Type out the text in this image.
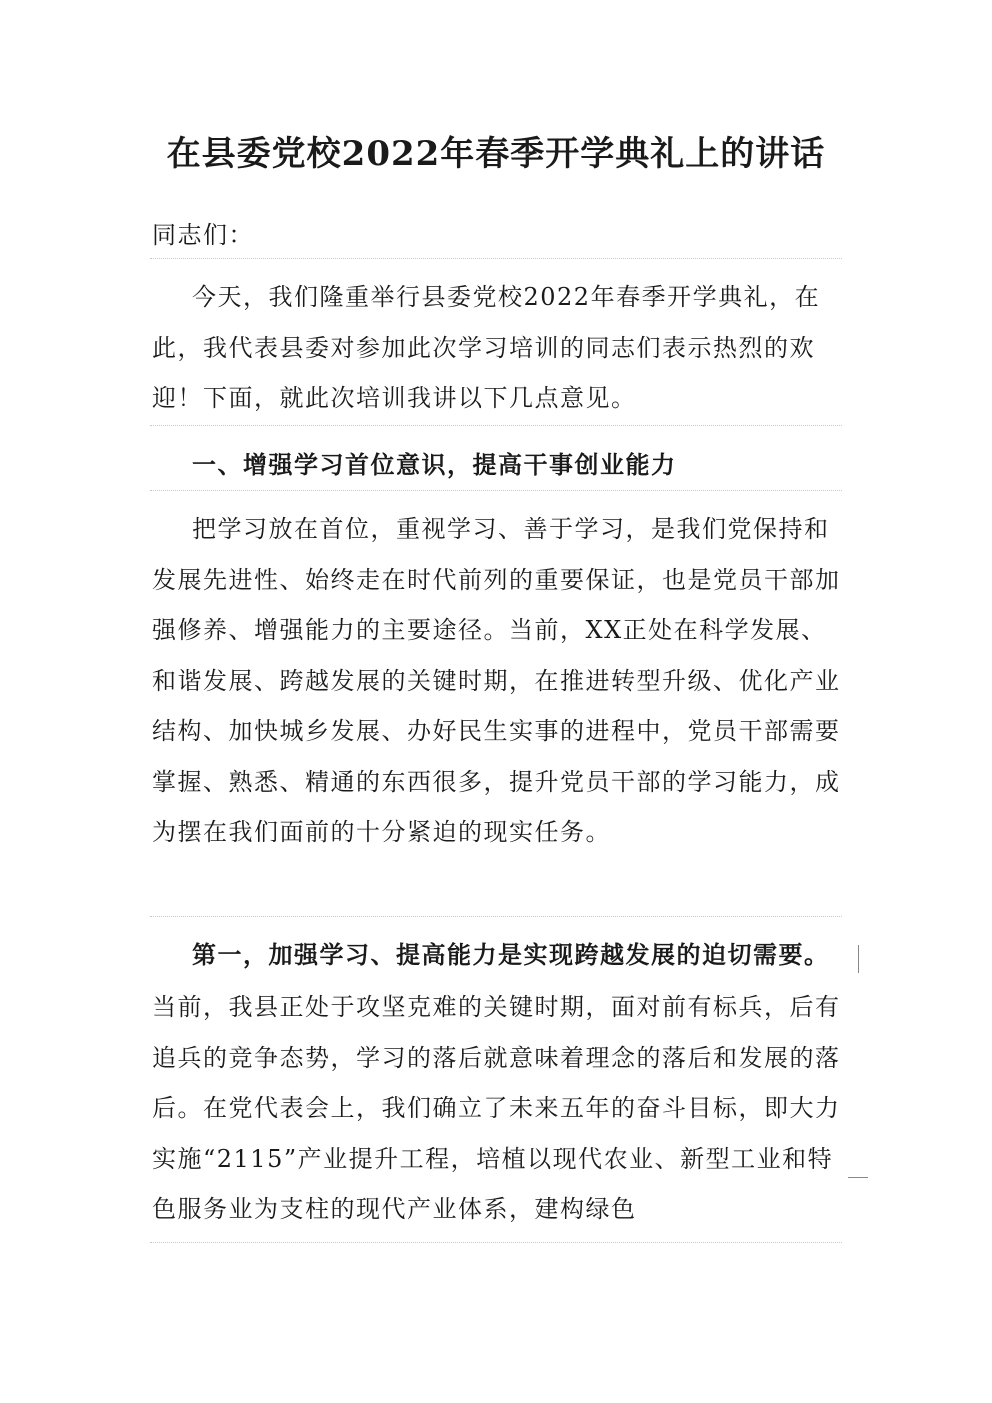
在县委党校2022年春季开学典礼上的讲话
同志们：
今天，我们隆重举行县委党校2022年春季开学典礼，在此，我代表县委对参加此次学习培训的同志们表示热烈的欢迎！下面，就此次培训我讲以下几点意见。
一、增强学习首位意识，提高干事创业能力
把学习放在首位，重视学习、善于学习，是我们党保持和发展先进性、始终走在时代前列的重要保证，也是党员干部加强修养、增强能力的主要途径。当前，XX正处在科学发展、和谐发展、跨越发展的关键时期，在推进转型升级、优化产业结构、加快城乡发展、办好民生实事的进程中，党员干部需要掌握、熟悉、精通的东西很多，提升党员干部的学习能力，成为摆在我们面前的十分紧迫的现实任务。
第一，加强学习、提高能力是实现跨越发展的迫切需要。
当前，我县正处于攻坚克难的关键时期，面对前有标兵，后有追兵的竞争态势，学习的落后就意味着理念的落后和发展的落后。在党代表会上，我们确立了未来五年的奋斗目标，即大力实施“2115”产业提升工程，培植以现代农业、新型工业和特色服务业为支柱的现代产业体系，建构绿色
